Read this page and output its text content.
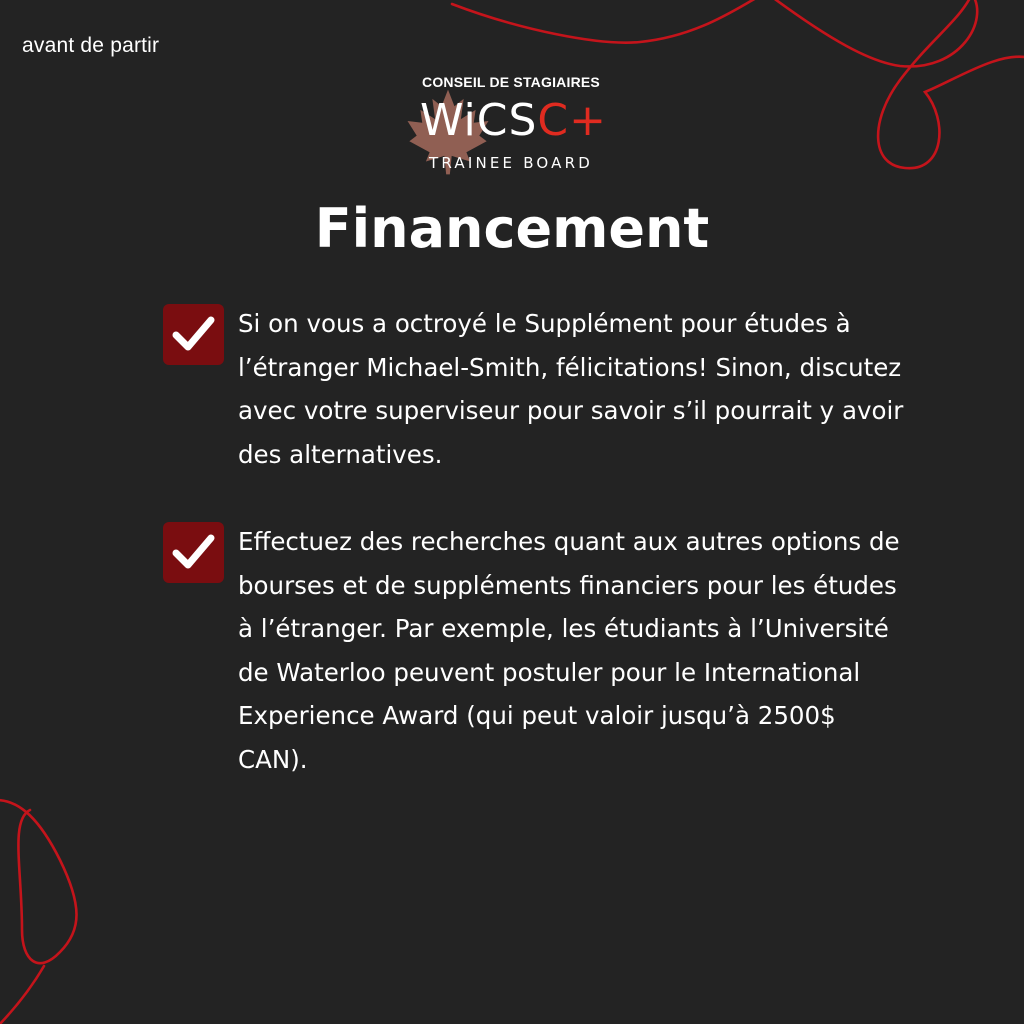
avant de partir
CONSEIL DE STAGIAIRES
WiCSC+
TRAINEE BOARD
Financement
Si on vous a octroyé le Supplément pour études à l’étranger Michael-Smith, félicitations! Sinon, discutez avec votre superviseur pour savoir s’il pourrait y avoir des alternatives.
Effectuez des recherches quant aux autres options de bourses et de suppléments financiers pour les études à l’étranger. Par exemple, les étudiants à l’Université de Waterloo peuvent postuler pour le International Experience Award (qui peut valoir jusqu’à 2500$ CAN).
